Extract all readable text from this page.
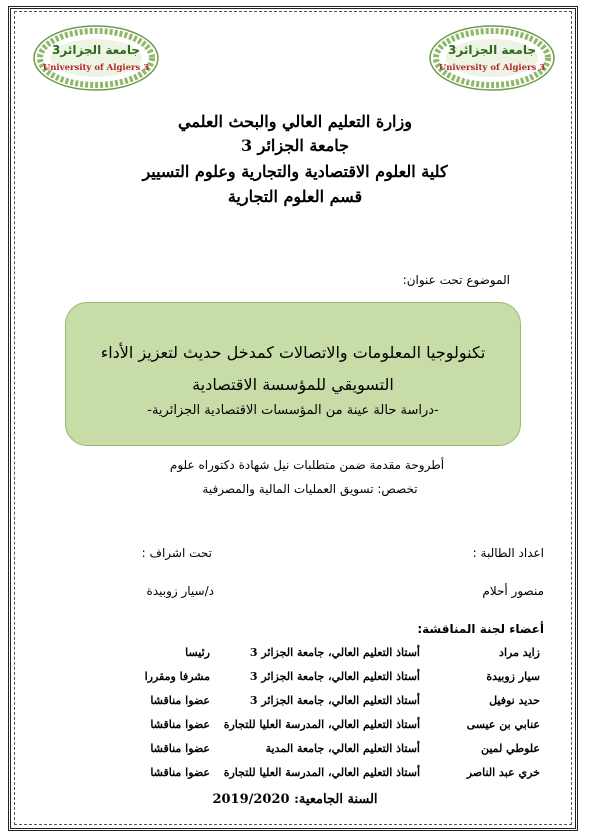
جامعة الجزائر3
University of Algiers 3
جامعة الجزائر3
University of Algiers 3
وزارة التعليم العالي والبحث العلمي
جامعة الجزائر 3
كلية العلوم الاقتصادية والتجارية وعلوم التسيير
قسم العلوم التجارية
الموضوع تحت عنوان:
تكنولوجيا المعلومات والاتصالات كمدخل حديث لتعزيز الأداء
التسويقي للمؤسسة الاقتصادية
-دراسة حالة عينة من المؤسسات الاقتصادية الجزائرية-
أطروحة مقدمة ضمن متطلبات نيل شهادة دكتوراه علوم
تخصص: تسويق العمليات المالية والمصرفية
اعداد الطالبة :
تحت اشراف :
منصور أحلام
د/سيار زوبيدة
أعضاء لجنة المناقشة:
زايد مراد
أستاذ التعليم العالي، جامعة الجزائر 3
رئيسا
سيار زوبيدة
أستاذ التعليم العالي، جامعة الجزائر 3
مشرفا ومقررا
حديد نوفيل
أستاذ التعليم العالي، جامعة الجزائر 3
عضوا مناقشا
عنابي بن عيسى
أستاذ التعليم العالي، المدرسة العليا للتجارة
عضوا مناقشا
علوطي لمين
أستاذ التعليم العالي، جامعة المدية
عضوا مناقشا
خري عبد الناصر
أستاذ التعليم العالي، المدرسة العليا للتجارة
عضوا مناقشا
السنة الجامعية: 2019/2020
